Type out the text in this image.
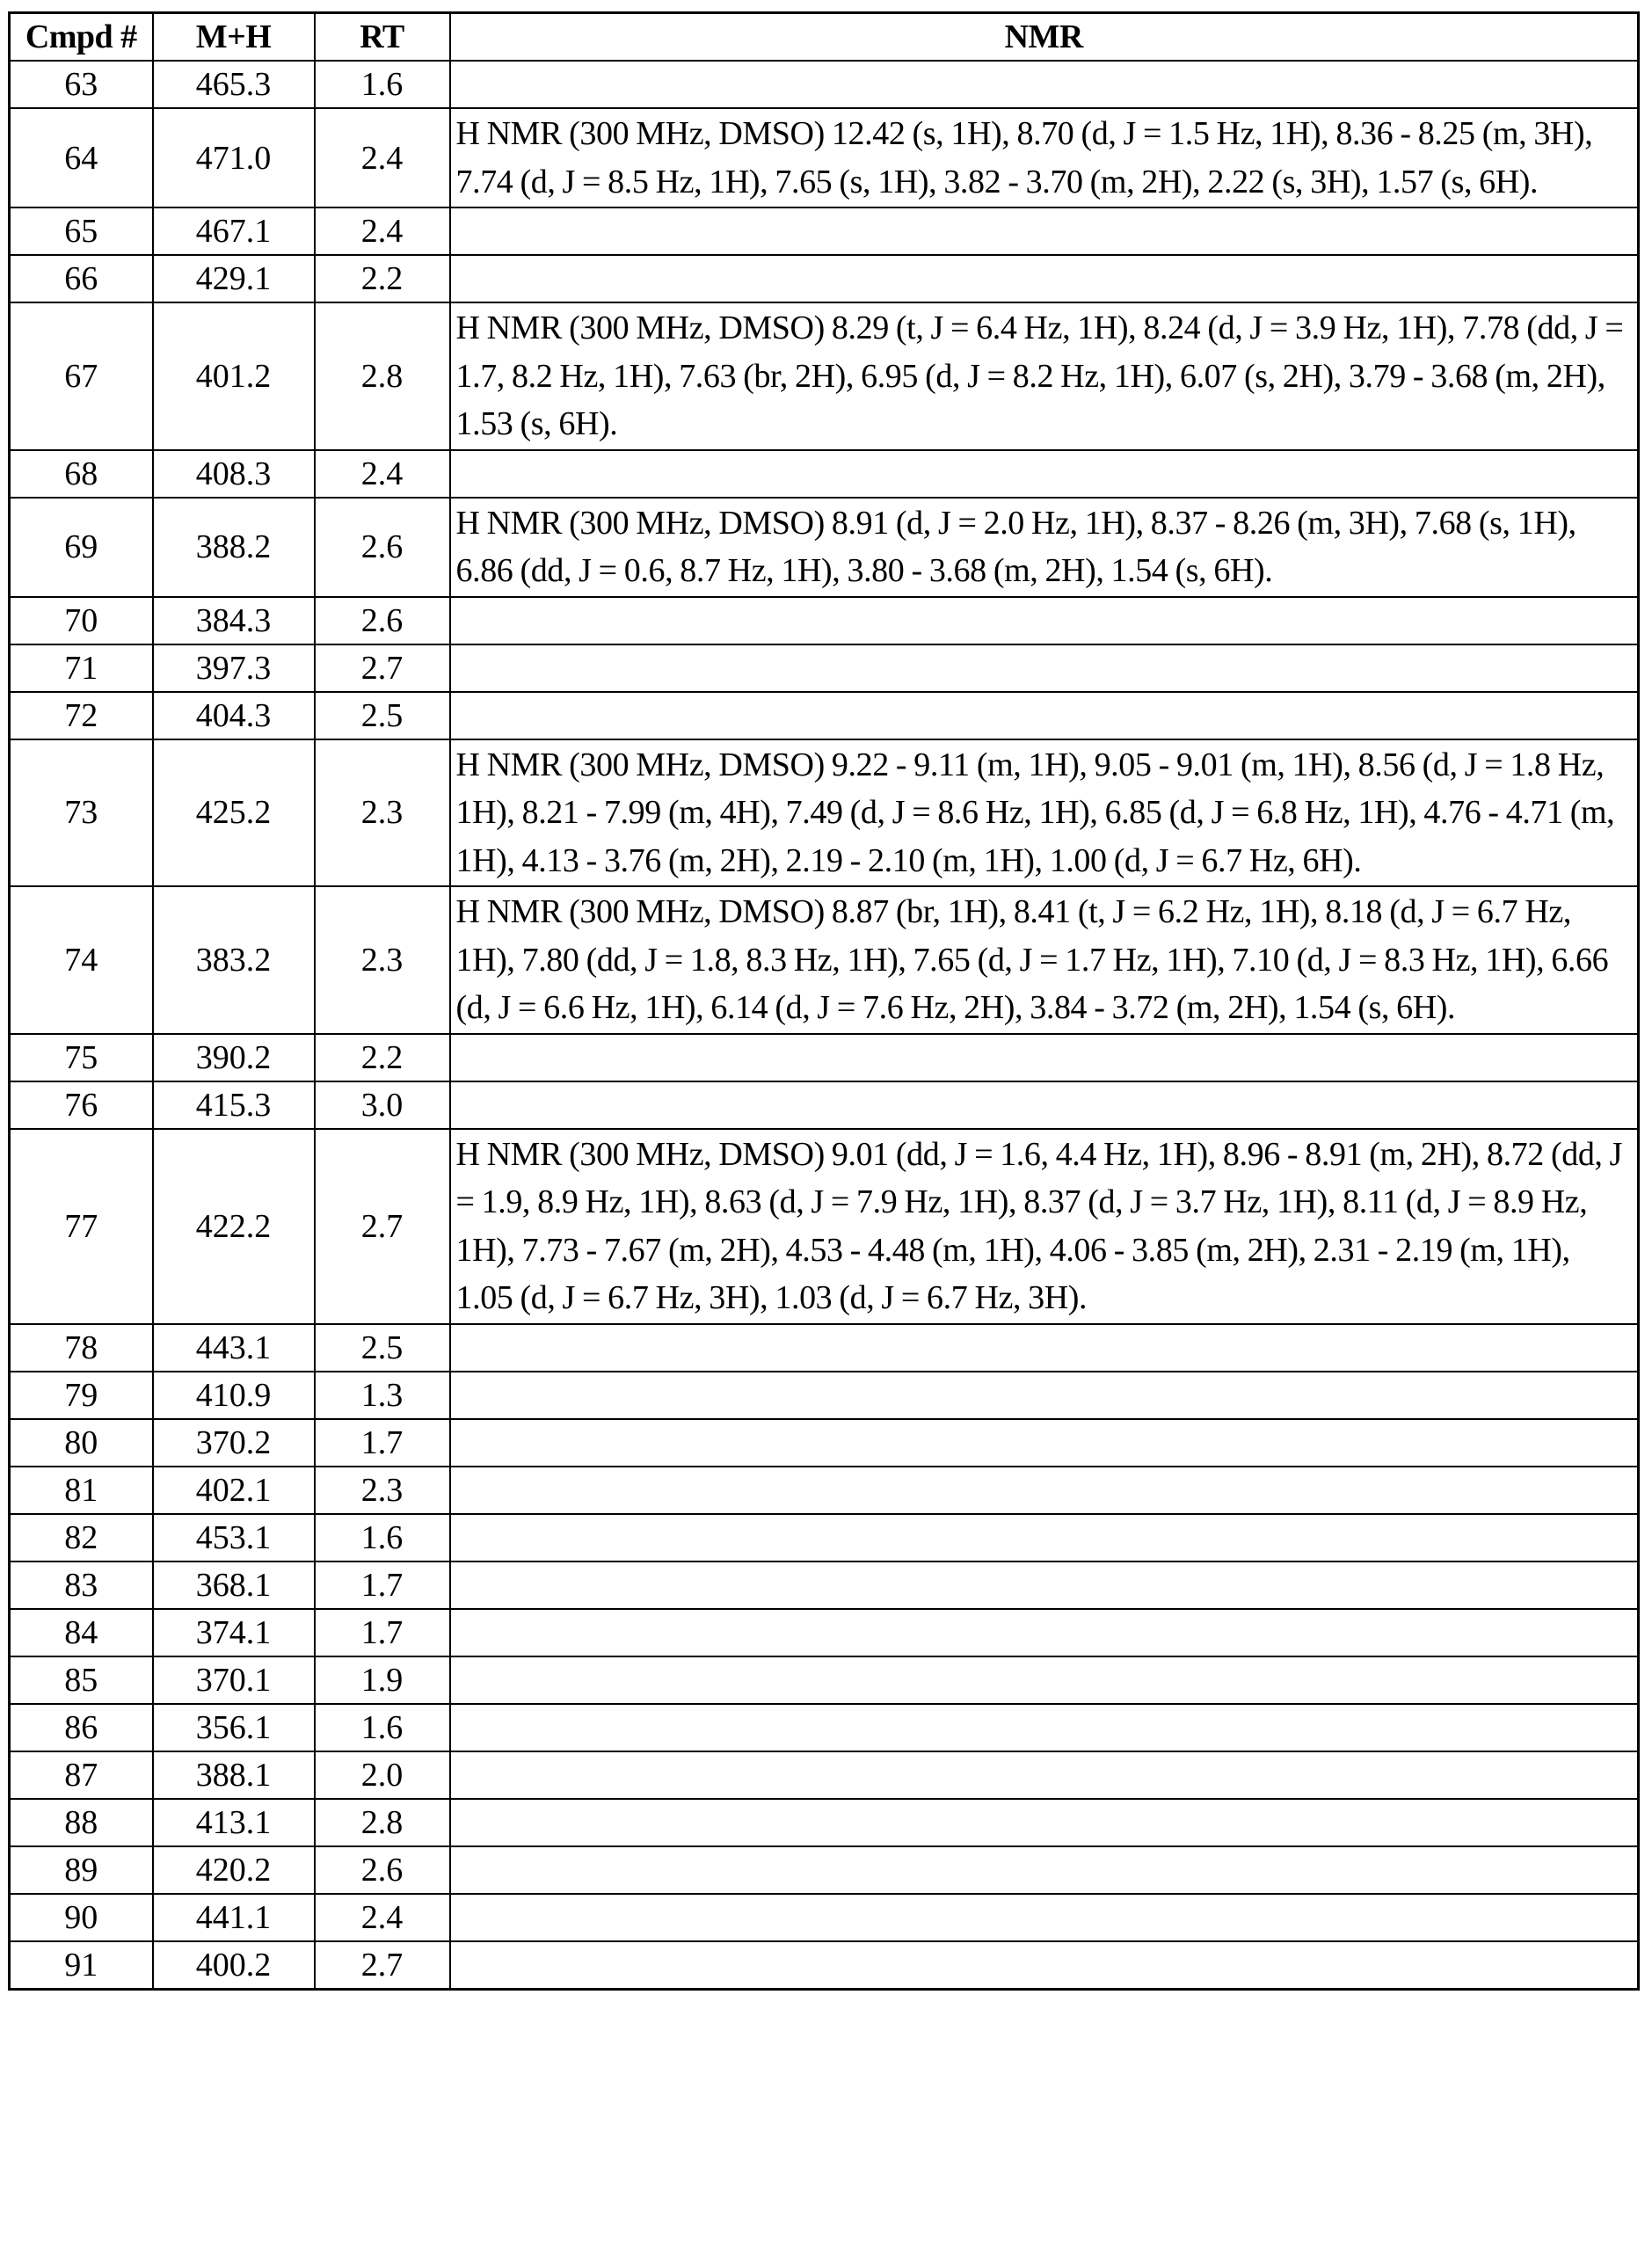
Cmpd #	M+H	RT	NMR
63	465.3	1.6	
64	471.0	2.4	H NMR (300 MHz, DMSO) 12.42 (s, 1H), 8.70 (d, J = 1.5 Hz, 1H), 8.36 - 8.25 (m, 3H), 7.74 (d, J = 8.5 Hz, 1H), 7.65 (s, 1H), 3.82 - 3.70 (m, 2H), 2.22 (s, 3H), 1.57 (s, 6H).
65	467.1	2.4	
66	429.1	2.2	
67	401.2	2.8	H NMR (300 MHz, DMSO) 8.29 (t, J = 6.4 Hz, 1H), 8.24 (d, J = 3.9 Hz, 1H), 7.78 (dd, J = 1.7, 8.2 Hz, 1H), 7.63 (br, 2H), 6.95 (d, J = 8.2 Hz, 1H), 6.07 (s, 2H), 3.79 - 3.68 (m, 2H), 1.53 (s, 6H).
68	408.3	2.4	
69	388.2	2.6	H NMR (300 MHz, DMSO) 8.91 (d, J = 2.0 Hz, 1H), 8.37 - 8.26 (m, 3H), 7.68 (s, 1H), 6.86 (dd, J = 0.6, 8.7 Hz, 1H), 3.80 - 3.68 (m, 2H), 1.54 (s, 6H).
70	384.3	2.6	
71	397.3	2.7	
72	404.3	2.5	
73	425.2	2.3	H NMR (300 MHz, DMSO) 9.22 - 9.11 (m, 1H), 9.05 - 9.01 (m, 1H), 8.56 (d, J = 1.8 Hz, 1H), 8.21 - 7.99 (m, 4H), 7.49 (d, J = 8.6 Hz, 1H), 6.85 (d, J = 6.8 Hz, 1H), 4.76 - 4.71 (m, 1H), 4.13 - 3.76 (m, 2H), 2.19 - 2.10 (m, 1H), 1.00 (d, J = 6.7 Hz, 6H).
74	383.2	2.3	H NMR (300 MHz, DMSO) 8.87 (br, 1H), 8.41 (t, J = 6.2 Hz, 1H), 8.18 (d, J = 6.7 Hz, 1H), 7.80 (dd, J = 1.8, 8.3 Hz, 1H), 7.65 (d, J = 1.7 Hz, 1H), 7.10 (d, J = 8.3 Hz, 1H), 6.66 (d, J = 6.6 Hz, 1H), 6.14 (d, J = 7.6 Hz, 2H), 3.84 - 3.72 (m, 2H), 1.54 (s, 6H).
75	390.2	2.2	
76	415.3	3.0	
77	422.2	2.7	H NMR (300 MHz, DMSO) 9.01 (dd, J = 1.6, 4.4 Hz, 1H), 8.96 - 8.91 (m, 2H), 8.72 (dd, J = 1.9, 8.9 Hz, 1H), 8.63 (d, J = 7.9 Hz, 1H), 8.37 (d, J = 3.7 Hz, 1H), 8.11 (d, J = 8.9 Hz, 1H), 7.73 - 7.67 (m, 2H), 4.53 - 4.48 (m, 1H), 4.06 - 3.85 (m, 2H), 2.31 - 2.19 (m, 1H), 1.05 (d, J = 6.7 Hz, 3H), 1.03 (d, J = 6.7 Hz, 3H).
78	443.1	2.5	
79	410.9	1.3	
80	370.2	1.7	
81	402.1	2.3	
82	453.1	1.6	
83	368.1	1.7	
84	374.1	1.7	
85	370.1	1.9	
86	356.1	1.6	
87	388.1	2.0	
88	413.1	2.8	
89	420.2	2.6	
90	441.1	2.4	
91	400.2	2.7	
